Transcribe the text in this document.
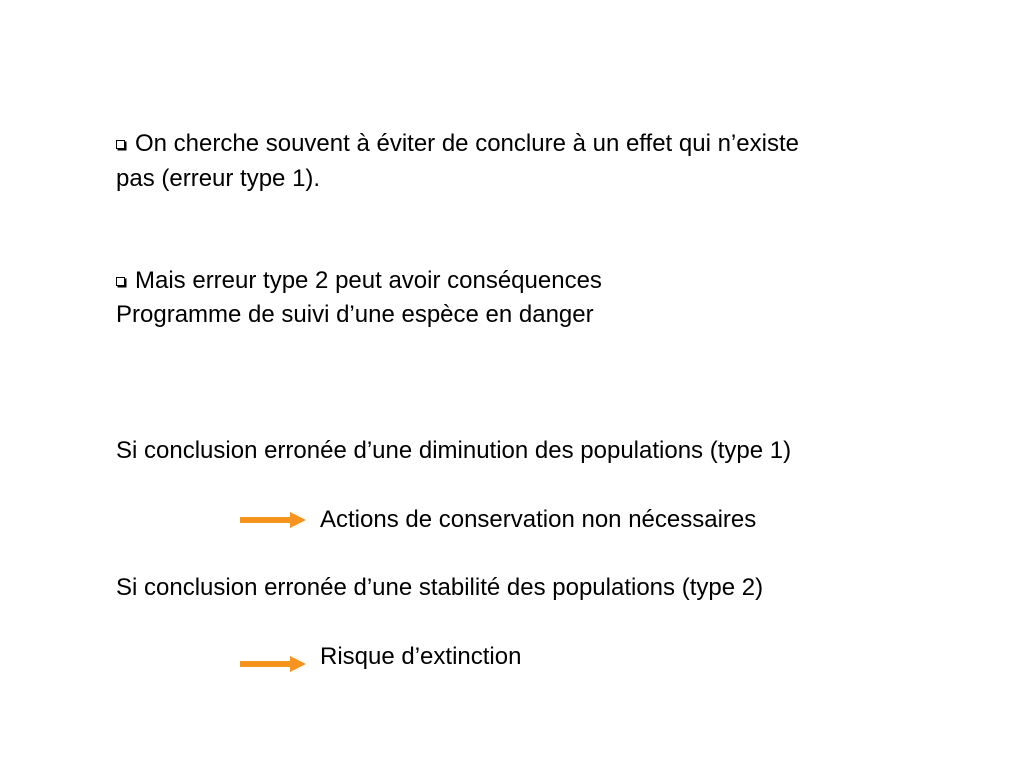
On cherche souvent à éviter de conclure à un effet qui n’existe
pas (erreur type 1).
Mais erreur type 2 peut avoir conséquences
Programme de suivi d’une espèce en danger
Si conclusion erronée d’une diminution des populations (type 1)
Actions de conservation non nécessaires
Si conclusion erronée d’une stabilité des populations (type 2)
Risque d’extinction
